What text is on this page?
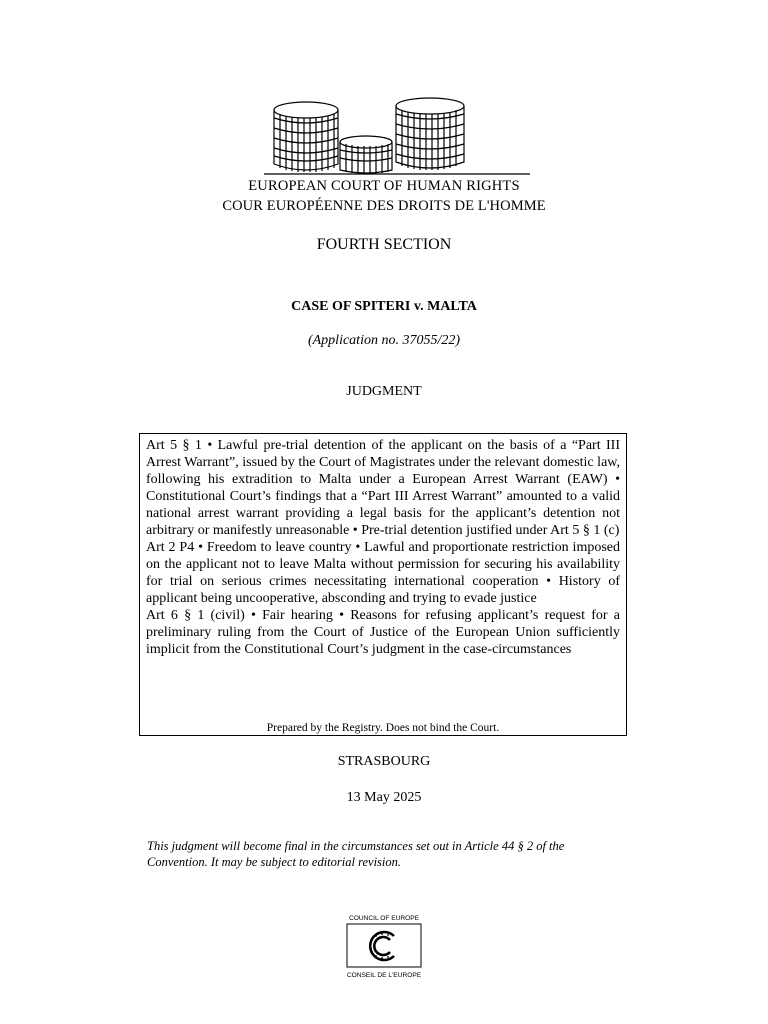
EUROPEAN COURT OF HUMAN RIGHTS
COUR EUROPÉENNE DES DROITS DE L'HOMME
FOURTH SECTION
CASE OF SPITERI v. MALTA
(Application no. 37055/22)
JUDGMENT

Art 5 § 1 • Lawful pre-trial detention of the applicant on the basis of a “Part III Arrest Warrant”, issued by the Court of Magistrates under the relevant domestic law, following his extradition to Malta under a European Arrest Warrant (EAW) • Constitutional Court’s findings that a “Part III Arrest Warrant” amounted to a valid national arrest warrant providing a legal basis for the applicant’s detention not arbitrary or manifestly unreasonable • Pre-trial detention justified under Art 5 § 1 (c)

Art 2 P4 • Freedom to leave country • Lawful and proportionate restriction imposed on the applicant not to leave Malta without permission for securing his availability for trial on serious crimes necessitating international cooperation • History of applicant being uncooperative, absconding and trying to evade justice

Art 6 § 1 (civil) • Fair hearing • Reasons for refusing applicant’s request for a preliminary ruling from the Court of Justice of the European Union sufficiently implicit from the Constitutional Court’s judgment in the case-circumstances

Prepared by the Registry. Does not bind the Court.
STRASBOURG
13 May 2025
This judgment will become final in the circumstances set out in Article 44 § 2 of the Convention. It may be subject to editorial revision.
COUNCIL OF EUROPE
CONSEIL DE L'EUROPE
